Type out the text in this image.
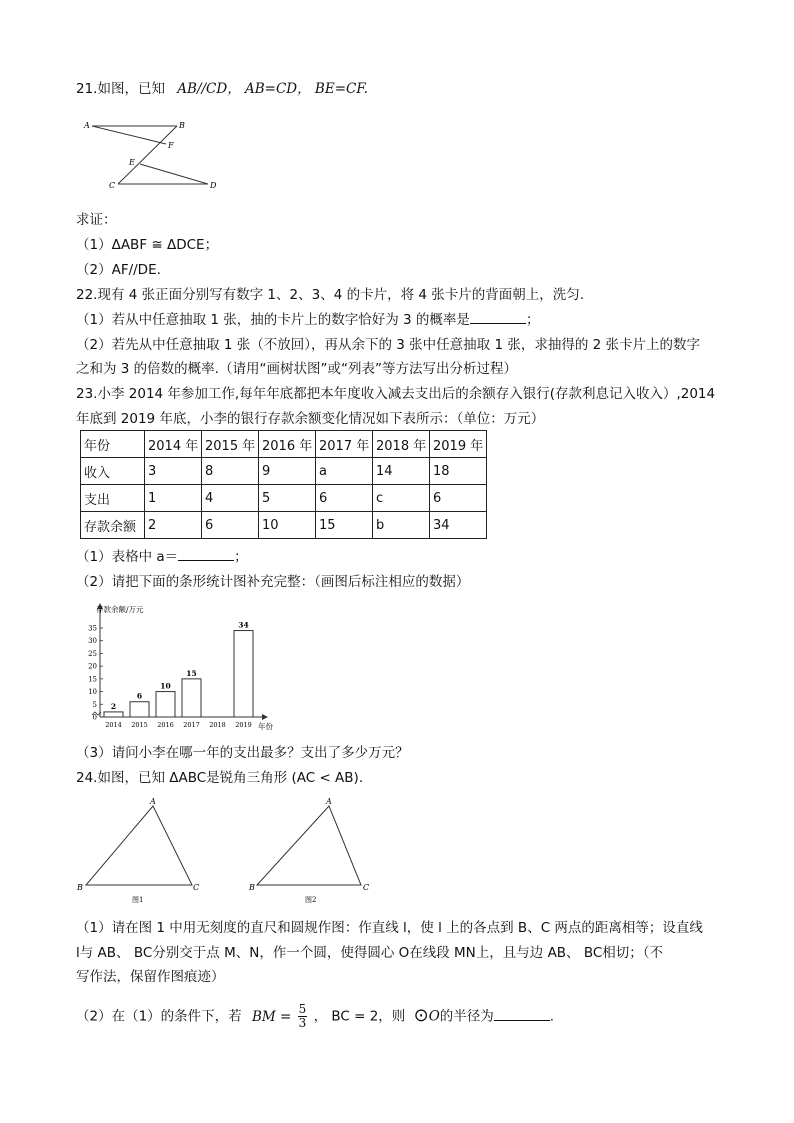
21.如图，已知 AB//CD， AB=CD， BE=CF.
A	B
F
E
C	D
求证：
（1）ΔABF ≅ ΔDCE；
（2）AF//DE.
22.现有 4 张正面分别写有数字 1、2、3、4 的卡片，将 4 张卡片的背面朝上，洗匀.
（1）若从中任意抽取 1 张，抽的卡片上的数字恰好为 3 的概率是	；
（2）若先从中任意抽取 1 张（不放回），再从余下的 3 张中任意抽取 1 张，求抽得的 2 张卡片上的数字
之和为 3 的倍数的概率.（请用“画树状图”或“列表”等方法写出分析过程）
23.小李 2014 年参加工作,每年年底都把本年度收入减去支出后的余额存入银行(存款利息记入收入）,2014
年底到 2019 年底，小李的银行存款余额变化情况如下表所示：（单位：万元）
年份	2014 年	2015 年	2016 年	2017 年	2018 年	2019 年
收入	3	8	9	a	14	18
支出	1	4	5	6	c	6
存款余额	2	6	10	15	b	34
（1）表格中 a＝	；
（2）请把下面的条形统计图补充完整：（画图后标注相应的数据）
0
5
10
15
20
25
30
35
存款余额/万元
年份
2
2014
6
2015
10
2016
15
2017 2018
34
2019
（3）请问小李在哪一年的支出最多？支出了多少万元？
24.如图，已知 ΔABC是锐角三角形 (AC < AB).
A
B	C
图1
A
B	C
图2
（1）请在图 1 中用无刻度的直尺和圆规作图：作直线 l，使 l 上的各点到 B、C 两点的距离相等；设直线
l与 AB、 BC分别交于点 M、N，作一个圆，使得圆心 O在线段 MN上，且与边 AB、 BC相切；（不
写作法，保留作图痕迹）
（2）在（1）的条件下，若 BM = $\frac{5}{3}$ ， BC = 2，则 ⊙O的半径为	.
